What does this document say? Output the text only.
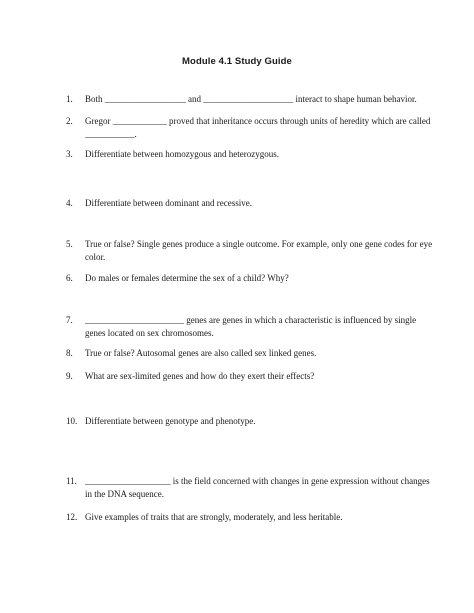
Module 4.1 Study Guide
1.	Both __________________ and ____________________ interact to shape human behavior.
2.	Gregor ____________ proved that inheritance occurs through units of heredity which are called ___________.
3.	Differentiate between homozygous and heterozygous.
4.	Differentiate between dominant and recessive.
5.	True or false? Single genes produce a single outcome. For example, only one gene codes for eye color.
6.	Do males or females determine the sex of a child? Why?
7.	______________________ genes are genes in which a characteristic is influenced by single genes located on sex chromosomes.
8.	True or false? Autosomal genes are also called sex linked genes.
9.	What are sex-limited genes and how do they exert their effects?
10. Differentiate between genotype and phenotype.
11. ___________________ is the field concerned with changes in gene expression without changes in the DNA sequence.
12. Give examples of traits that are strongly, moderately, and less heritable.
